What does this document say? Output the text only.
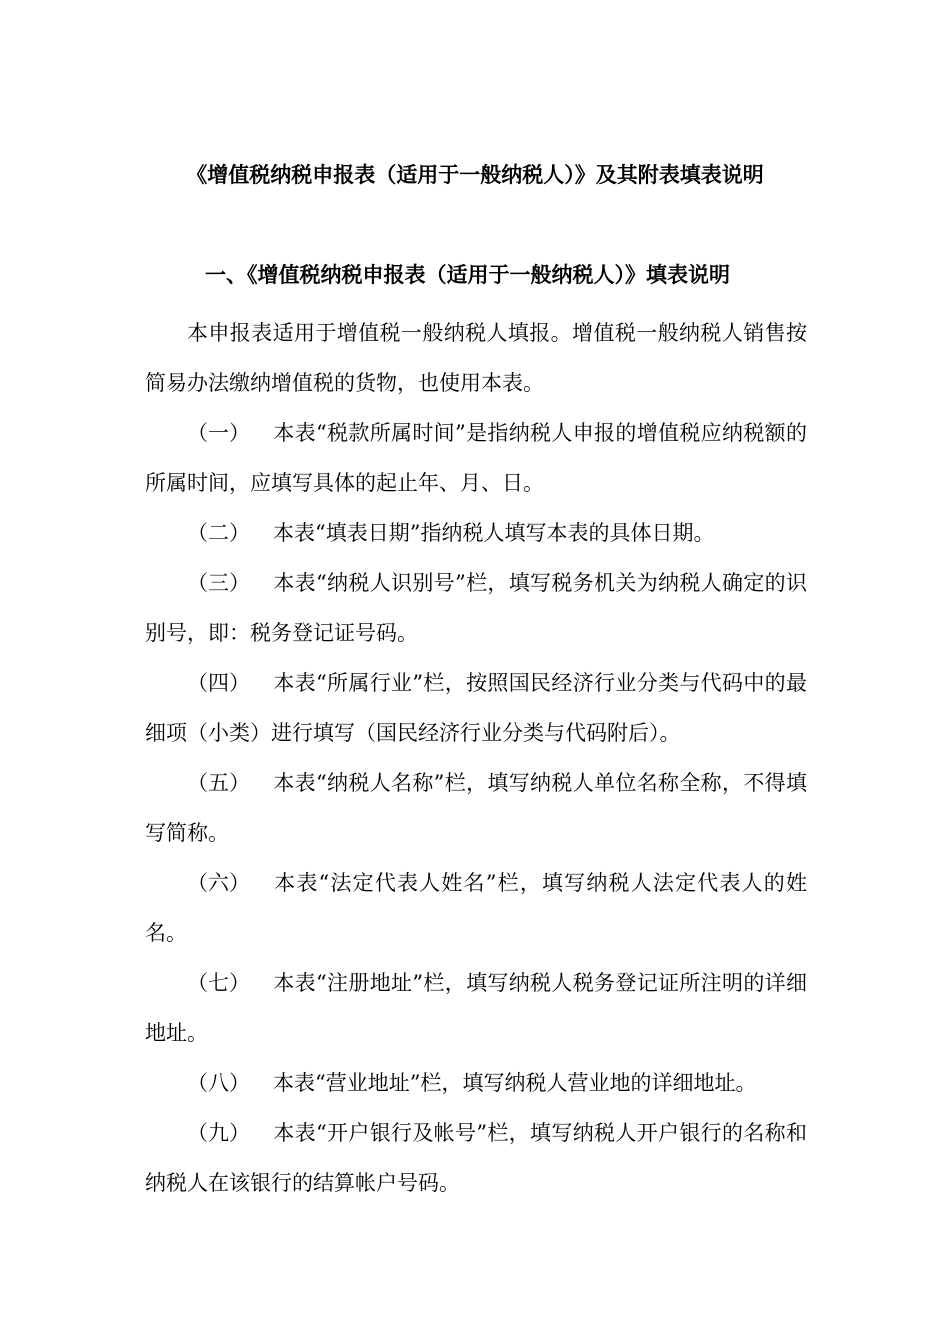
《增值税纳税申报表（适用于一般纳税人）》及其附表填表说明
一、《增值税纳税申报表（适用于一般纳税人）》填表说明

本申报表适用于增值税一般纳税人填报。增值税一般纳税人销售按简易办法缴纳增值税的货物，也使用本表。

（一） 本表“税款所属时间”是指纳税人申报的增值税应纳税额的所属时间，应填写具体的起止年、月、日。

（二） 本表“填表日期”指纳税人填写本表的具体日期。

（三） 本表“纳税人识别号”栏，填写税务机关为纳税人确定的识别号，即：税务登记证号码。

（四） 本表“所属行业”栏，按照国民经济行业分类与代码中的最细项（小类）进行填写（国民经济行业分类与代码附后）。

（五） 本表“纳税人名称”栏，填写纳税人单位名称全称，不得填写简称。

（六） 本表“法定代表人姓名”栏，填写纳税人法定代表人的姓名。

（七） 本表“注册地址”栏，填写纳税人税务登记证所注明的详细地址。

（八） 本表“营业地址”栏，填写纳税人营业地的详细地址。

（九） 本表“开户银行及帐号”栏，填写纳税人开户银行的名称和纳税人在该银行的结算帐户号码。
